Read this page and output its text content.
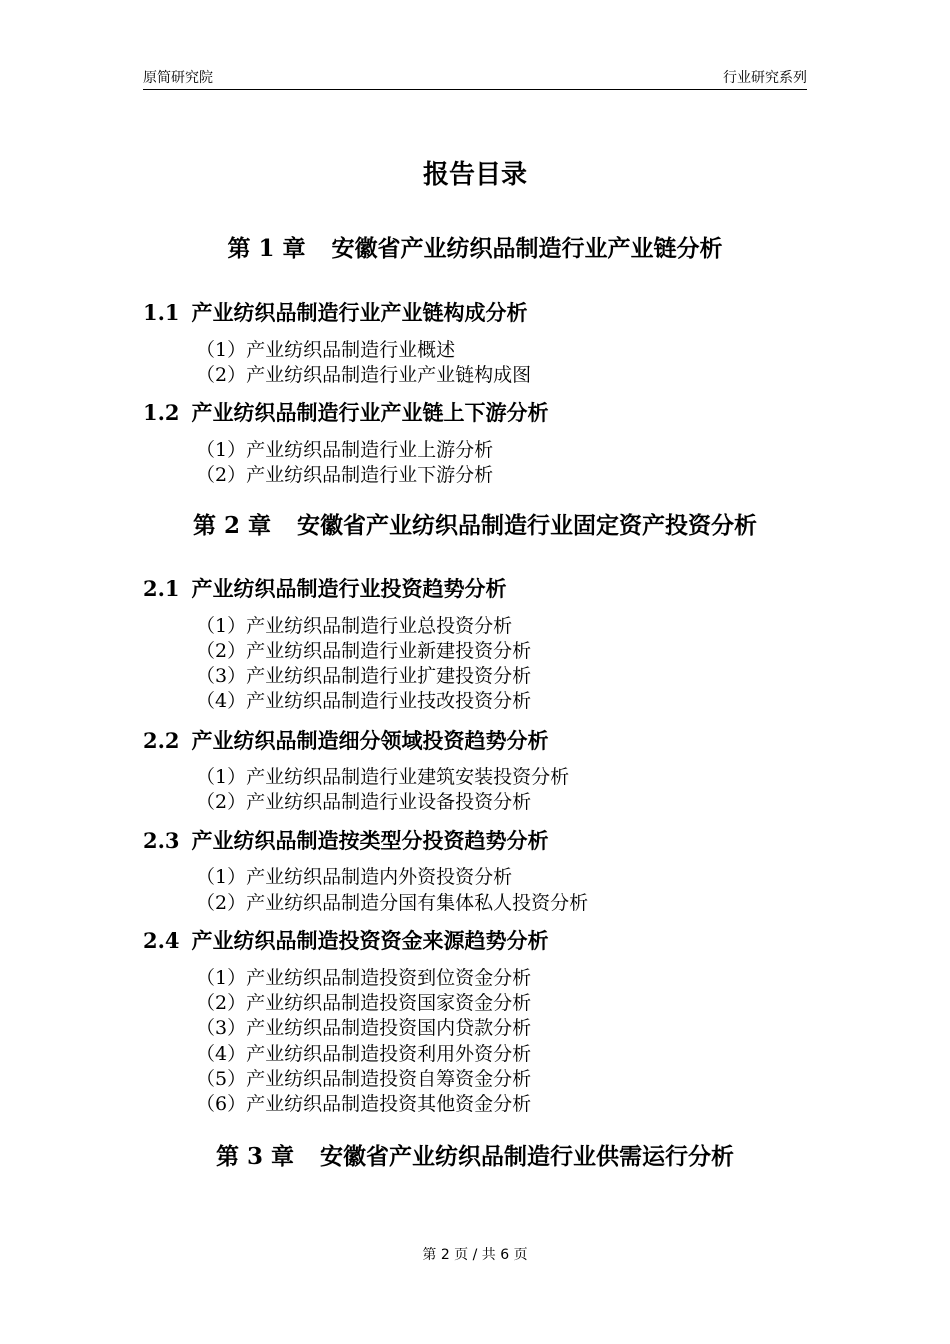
原简研究院	行业研究系列
报告目录
第 1 章 安徽省产业纺织品制造行业产业链分析
1.1 产业纺织品制造行业产业链构成分析
（1）产业纺织品制造行业概述
（2）产业纺织品制造行业产业链构成图
1.2 产业纺织品制造行业产业链上下游分析
（1）产业纺织品制造行业上游分析
（2）产业纺织品制造行业下游分析
第 2 章 安徽省产业纺织品制造行业固定资产投资分析
2.1 产业纺织品制造行业投资趋势分析
（1）产业纺织品制造行业总投资分析
（2）产业纺织品制造行业新建投资分析
（3）产业纺织品制造行业扩建投资分析
（4）产业纺织品制造行业技改投资分析
2.2 产业纺织品制造细分领域投资趋势分析
（1）产业纺织品制造行业建筑安装投资分析
（2）产业纺织品制造行业设备投资分析
2.3 产业纺织品制造按类型分投资趋势分析
（1）产业纺织品制造内外资投资分析
（2）产业纺织品制造分国有集体私人投资分析
2.4 产业纺织品制造投资资金来源趋势分析
（1）产业纺织品制造投资到位资金分析
（2）产业纺织品制造投资国家资金分析
（3）产业纺织品制造投资国内贷款分析
（4）产业纺织品制造投资利用外资分析
（5）产业纺织品制造投资自筹资金分析
（6）产业纺织品制造投资其他资金分析
第 3 章 安徽省产业纺织品制造行业供需运行分析
第 2 页 / 共 6 页
